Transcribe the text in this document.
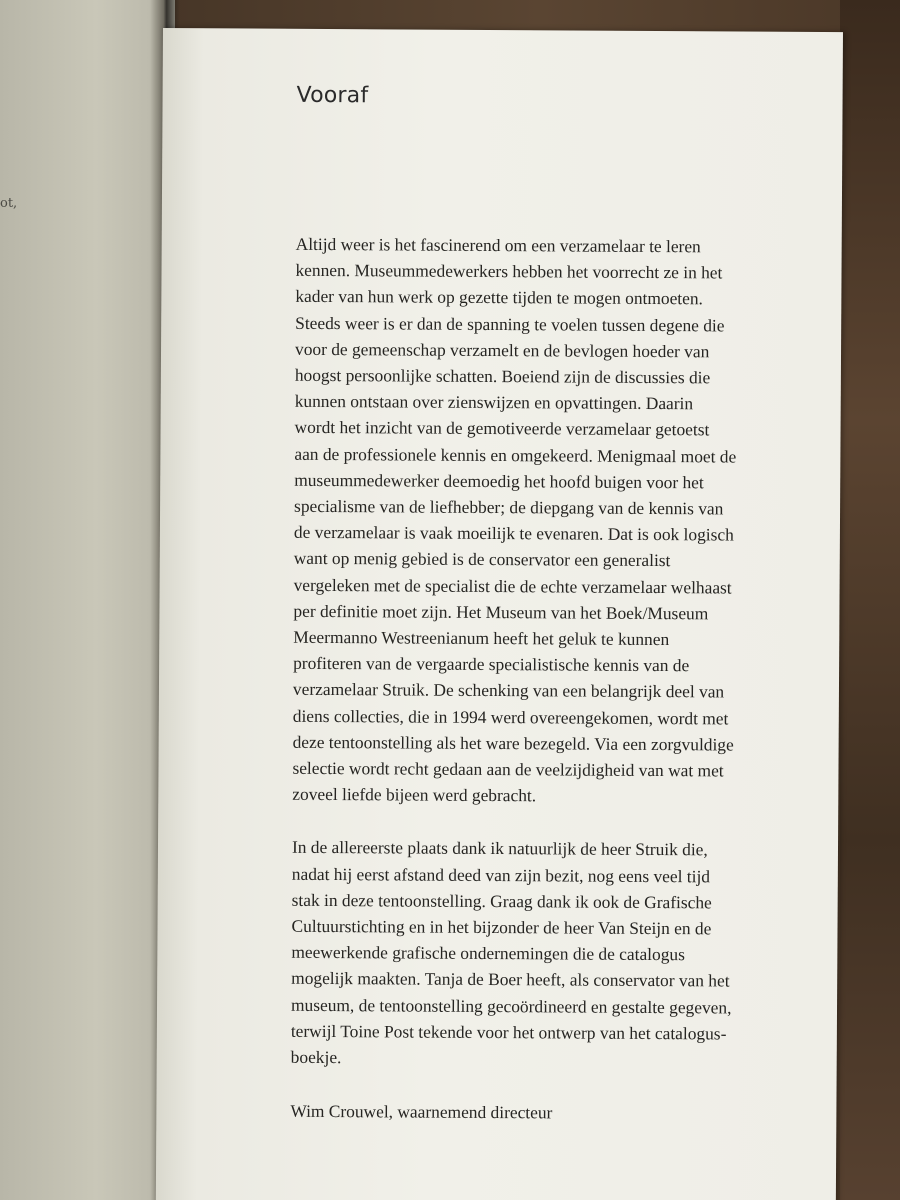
ot,
Vooraf
Altijd weer is het fascinerend om een verzamelaar te leren
kennen. Museummedewerkers hebben het voorrecht ze in het
kader van hun werk op gezette tijden te mogen ontmoeten.
Steeds weer is er dan de spanning te voelen tussen degene die
voor de gemeenschap verzamelt en de bevlogen hoeder van
hoogst persoonlijke schatten. Boeiend zijn de discussies die
kunnen ontstaan over zienswijzen en opvattingen. Daarin
wordt het inzicht van de gemotiveerde verzamelaar getoetst
aan de professionele kennis en omgekeerd. Menigmaal moet de
museummedewerker deemoedig het hoofd buigen voor het
specialisme van de liefhebber; de diepgang van de kennis van
de verzamelaar is vaak moeilijk te evenaren. Dat is ook logisch
want op menig gebied is de conservator een generalist
vergeleken met de specialist die de echte verzamelaar welhaast
per definitie moet zijn. Het Museum van het Boek/Museum
Meermanno Westreenianum heeft het geluk te kunnen
profiteren van de vergaarde specialistische kennis van de
verzamelaar Struik. De schenking van een belangrijk deel van
diens collecties, die in 1994 werd overeengekomen, wordt met
deze tentoonstelling als het ware bezegeld. Via een zorgvuldige
selectie wordt recht gedaan aan de veelzijdigheid van wat met
zoveel liefde bijeen werd gebracht.
In de allereerste plaats dank ik natuurlijk de heer Struik die,
nadat hij eerst afstand deed van zijn bezit, nog eens veel tijd
stak in deze tentoonstelling. Graag dank ik ook de Grafische
Cultuurstichting en in het bijzonder de heer Van Steijn en de
meewerkende grafische ondernemingen die de catalogus
mogelijk maakten. Tanja de Boer heeft, als conservator van het
museum, de tentoonstelling gecoördineerd en gestalte gegeven,
terwijl Toine Post tekende voor het ontwerp van het catalogus-
boekje.
Wim Crouwel, waarnemend directeur
